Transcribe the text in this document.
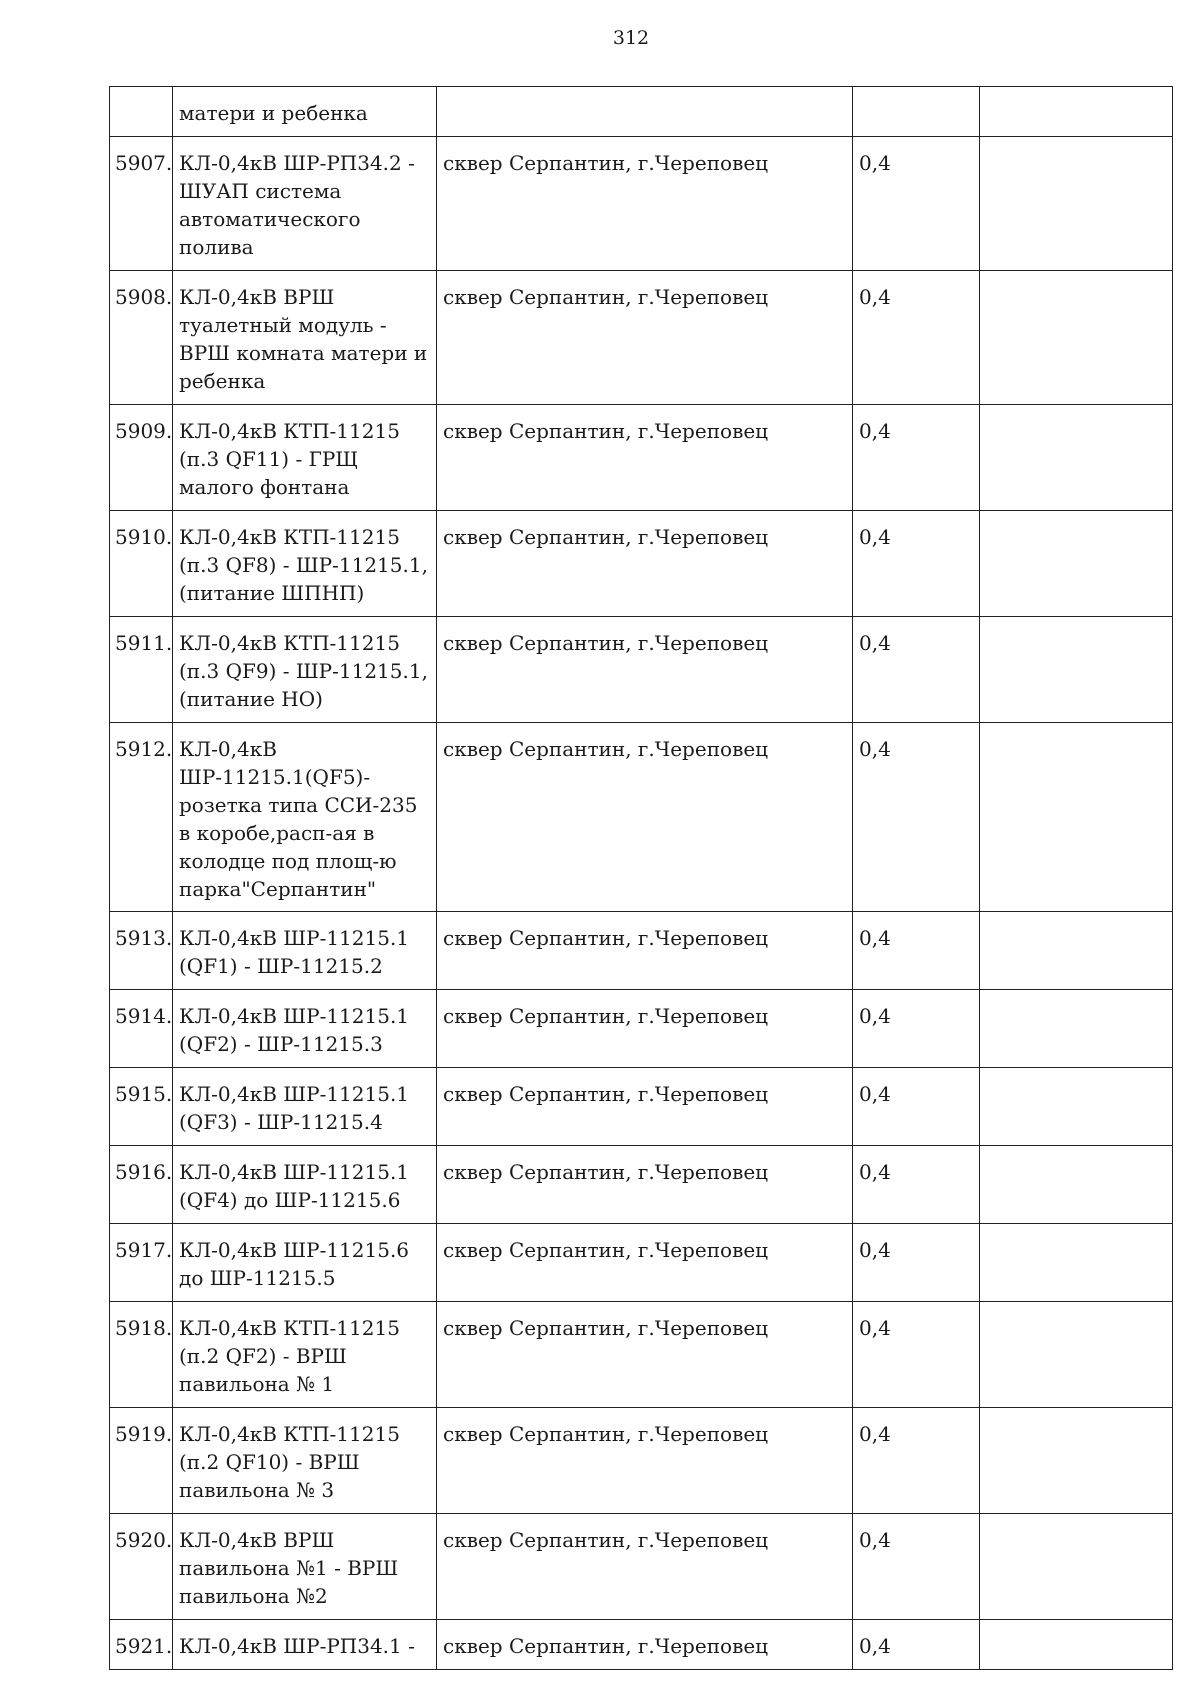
312
	матери и ребенка			
5907.	КЛ-0,4кВ ШР-РП34.2 - ШУАП система автоматического полива	сквер Серпантин, г.Череповец	0,4	
5908.	КЛ-0,4кВ ВРШ туалетный модуль - ВРШ комната матери и ребенка	сквер Серпантин, г.Череповец	0,4	
5909.	КЛ-0,4кВ КТП-11215 (п.3 QF11) - ГРЩ малого фонтана	сквер Серпантин, г.Череповец	0,4	
5910.	КЛ-0,4кВ КТП-11215 (п.3 QF8) - ШР-11215.1, (питание ШПНП)	сквер Серпантин, г.Череповец	0,4	
5911.	КЛ-0,4кВ КТП-11215 (п.3 QF9) - ШР-11215.1, (питание НО)	сквер Серпантин, г.Череповец	0,4	
5912.	КЛ-0,4кВ ШР-11215.1(QF5)-розетка типа ССИ-235 в коробе,расп-ая в колодце под площ-ю парка"Серпантин"	сквер Серпантин, г.Череповец	0,4	
5913.	КЛ-0,4кВ ШР-11215.1 (QF1) - ШР-11215.2	сквер Серпантин, г.Череповец	0,4	
5914.	КЛ-0,4кВ ШР-11215.1 (QF2) - ШР-11215.3	сквер Серпантин, г.Череповец	0,4	
5915.	КЛ-0,4кВ ШР-11215.1 (QF3) - ШР-11215.4	сквер Серпантин, г.Череповец	0,4	
5916.	КЛ-0,4кВ ШР-11215.1 (QF4) до ШР-11215.6	сквер Серпантин, г.Череповец	0,4	
5917.	КЛ-0,4кВ ШР-11215.6 до ШР-11215.5	сквер Серпантин, г.Череповец	0,4	
5918.	КЛ-0,4кВ КТП-11215 (п.2 QF2) - ВРШ павильона № 1	сквер Серпантин, г.Череповец	0,4	
5919.	КЛ-0,4кВ КТП-11215 (п.2 QF10) - ВРШ павильона № 3	сквер Серпантин, г.Череповец	0,4	
5920.	КЛ-0,4кВ ВРШ павильона №1 - ВРШ павильона №2	сквер Серпантин, г.Череповец	0,4	
5921.	КЛ-0,4кВ ШР-РП34.1 -	сквер Серпантин, г.Череповец	0,4	
